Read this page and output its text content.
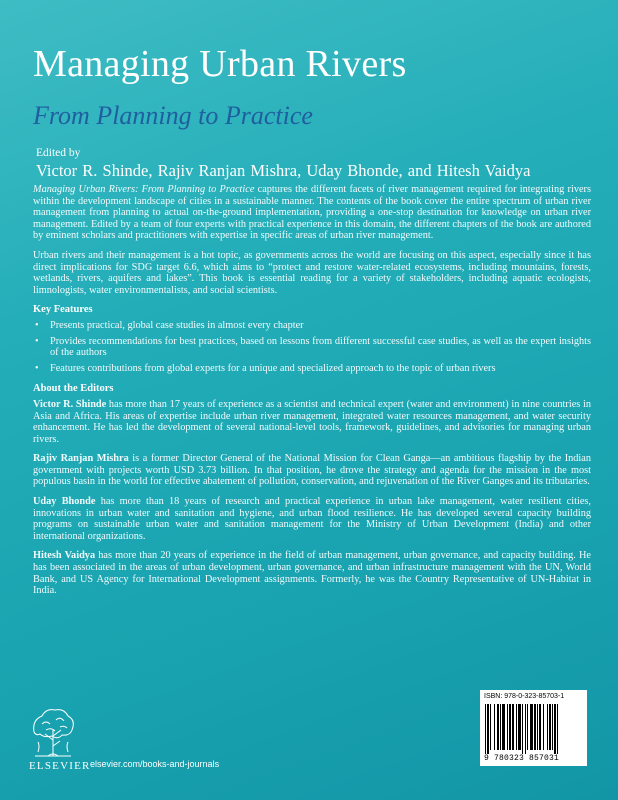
Managing Urban Rivers
From Planning to Practice
Edited by
Victor R. Shinde, Rajiv Ranjan Mishra, Uday Bhonde, and Hitesh Vaidya

Managing Urban Rivers: From Planning to Practice captures the different facets of river management required for integrating rivers within the development landscape of cities in a sustainable manner. The contents of the book cover the entire spectrum of urban river management from planning to actual on-the-ground implementation, providing a one-stop destination for knowledge on urban river management. Edited by a team of four experts with practical experience in this domain, the different chapters of the book are authored by eminent scholars and practitioners with expertise in specific areas of urban river management.

Urban rivers and their management is a hot topic, as governments across the world are focusing on this aspect, especially since it has direct implications for SDG target 6.6, which aims to “protect and restore water-related ecosystems, including mountains, forests, wetlands, rivers, aquifers and lakes”. This book is essential reading for a variety of stakeholders, including aquatic ecologists, limnologists, water environmentalists, and social scientists.

Key Features
• Presents practical, global case studies in almost every chapter
• Provides recommendations for best practices, based on lessons from different successful case studies, as well as the expert insights of the authors
• Features contributions from global experts for a unique and specialized approach to the topic of urban rivers
About the Editors

Victor R. Shinde has more than 17 years of experience as a scientist and technical expert (water and environment) in nine countries in Asia and Africa. His areas of expertise include urban river management, integrated water resources management, and water security enhancement. He has led the development of several national-level tools, framework, guidelines, and advisories for managing urban rivers.

Rajiv Ranjan Mishra is a former Director General of the National Mission for Clean Ganga—an ambitious flagship by the Indian government with projects worth USD 3.73 billion. In that position, he drove the strategy and agenda for the mission in the most populous basin in the world for effective abatement of pollution, conservation, and rejuvenation of the River Ganges and its tributaries.

Uday Bhonde has more than 18 years of research and practical experience in urban lake management, water resilient cities, innovations in urban water and sanitation and hygiene, and urban flood resilience. He has developed several capacity building programs on sustainable urban water and sanitation management for the Ministry of Urban Development (India) and other international organizations.

Hitesh Vaidya has more than 20 years of experience in the field of urban management, urban governance, and capacity building. He has been associated in the areas of urban development, urban governance, and urban infrastructure management with the UN, World Bank, and US Agency for International Development assignments. Formerly, he was the Country Representative of UN-Habitat in India.

ELSEVIER elsevier.com/books-and-journals
ISBN: 978-0-323-85703-1
9 780323 857031
